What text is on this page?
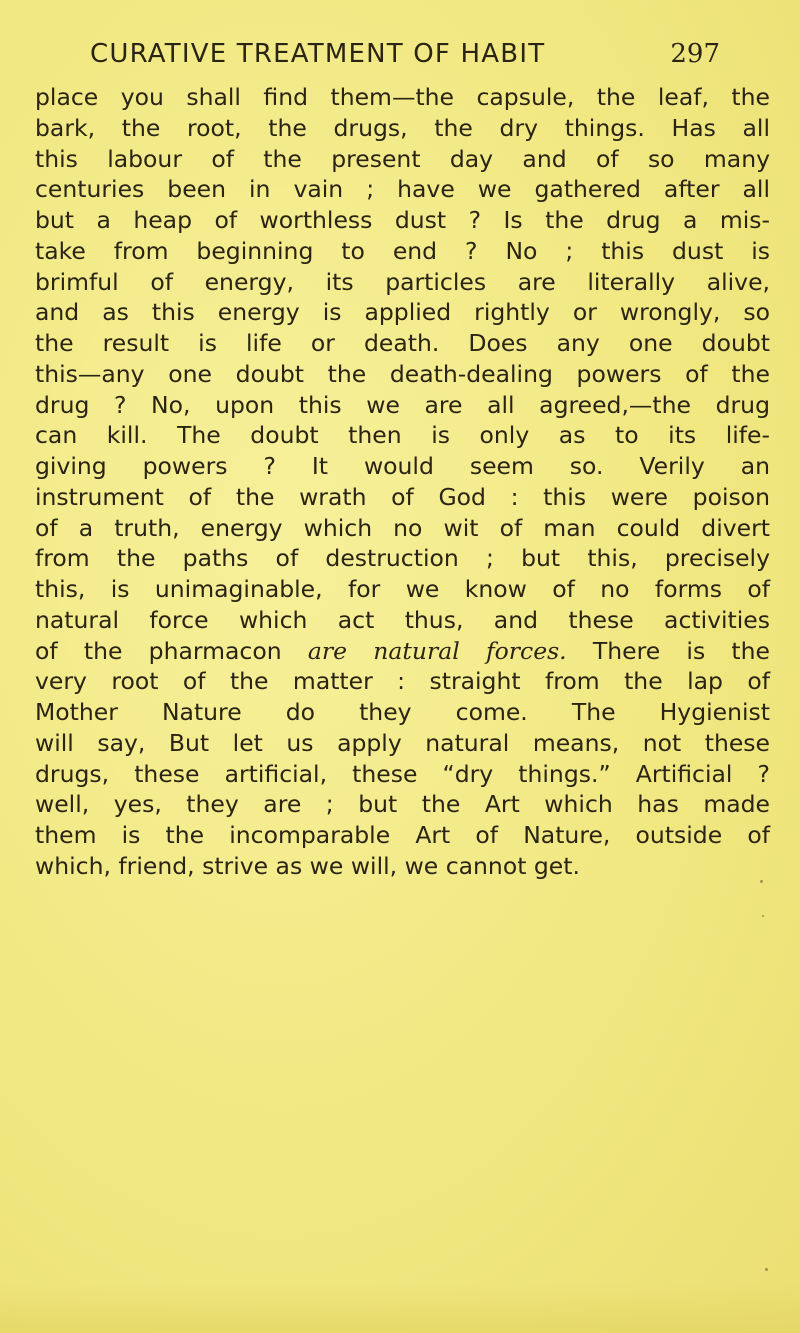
CURATIVE TREATMENT OF HABIT	297
place you shall find them—the capsule, the leaf, the
bark, the root, the drugs, the dry things. Has all
this labour of the present day and of so many
centuries been in vain ; have we gathered after all
but a heap of worthless dust ? Is the drug a mis-
take from beginning to end ? No ; this dust is
brimful of energy, its particles are literally alive,
and as this energy is applied rightly or wrongly, so
the result is life or death. Does any one doubt
this—any one doubt the death-dealing powers of the
drug ? No, upon this we are all agreed,—the drug
can kill. The doubt then is only as to its life-
giving powers ? It would seem so. Verily an
instrument of the wrath of God : this were poison
of a truth, energy which no wit of man could divert
from the paths of destruction ; but this, precisely
this, is unimaginable, for we know of no forms of
natural force which act thus, and these activities
of the pharmacon are natural forces. There is the
very root of the matter : straight from the lap of
Mother Nature do they come. The Hygienist
will say, But let us apply natural means, not these
drugs, these artificial, these “dry things.” Artificial ?
well, yes, they are ; but the Art which has made
them is the incomparable Art of Nature, outside of
which, friend, strive as we will, we cannot get.
